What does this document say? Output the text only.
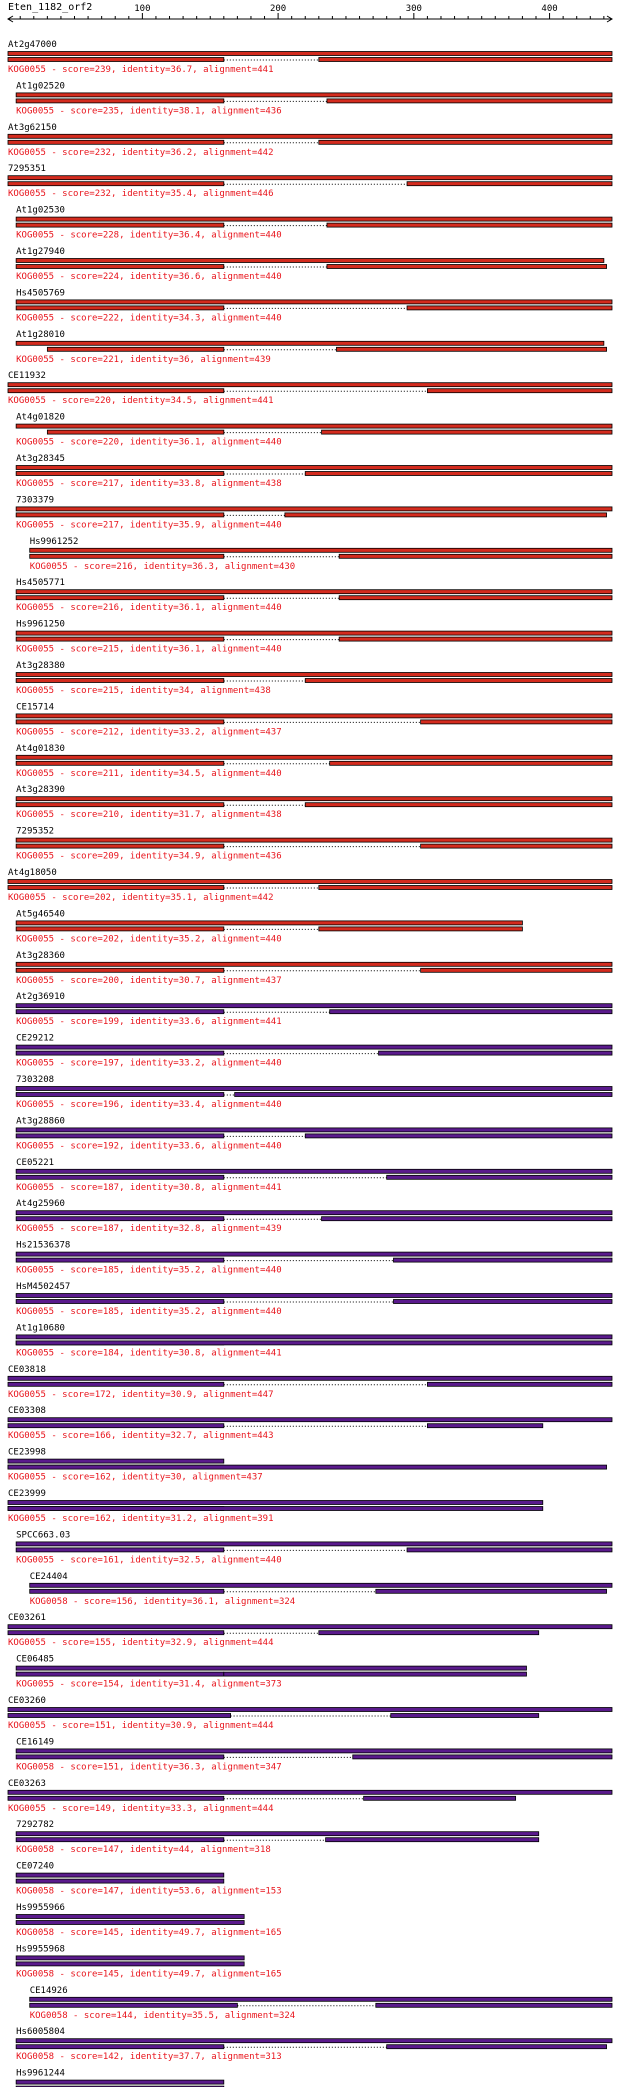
Eten_1182_orf2	100	200	300	400
At2g47000
KOG0055 - score=239, identity=36.7, alignment=441
At1g02520
KOG0055 - score=235, identity=38.1, alignment=436
At3g62150
KOG0055 - score=232, identity=36.2, alignment=442
7295351
KOG0055 - score=232, identity=35.4, alignment=446
At1g02530
KOG0055 - score=228, identity=36.4, alignment=440
At1g27940
KOG0055 - score=224, identity=36.6, alignment=440
Hs4505769
KOG0055 - score=222, identity=34.3, alignment=440
At1g28010
KOG0055 - score=221, identity=36, alignment=439
CE11932
KOG0055 - score=220, identity=34.5, alignment=441
At4g01820
KOG0055 - score=220, identity=36.1, alignment=440
At3g28345
KOG0055 - score=217, identity=33.8, alignment=438
7303379
KOG0055 - score=217, identity=35.9, alignment=440
Hs9961252
KOG0055 - score=216, identity=36.3, alignment=430
Hs4505771
KOG0055 - score=216, identity=36.1, alignment=440
Hs9961250
KOG0055 - score=215, identity=36.1, alignment=440
At3g28380
KOG0055 - score=215, identity=34, alignment=438
CE15714
KOG0055 - score=212, identity=33.2, alignment=437
At4g01830
KOG0055 - score=211, identity=34.5, alignment=440
At3g28390
KOG0055 - score=210, identity=31.7, alignment=438
7295352
KOG0055 - score=209, identity=34.9, alignment=436
At4g18050
KOG0055 - score=202, identity=35.1, alignment=442
At5g46540
KOG0055 - score=202, identity=35.2, alignment=440
At3g28360
KOG0055 - score=200, identity=30.7, alignment=437
At2g36910
KOG0055 - score=199, identity=33.6, alignment=441
CE29212
KOG0055 - score=197, identity=33.2, alignment=440
7303208
KOG0055 - score=196, identity=33.4, alignment=440
At3g28860
KOG0055 - score=192, identity=33.6, alignment=440
CE05221
KOG0055 - score=187, identity=30.8, alignment=441
At4g25960
KOG0055 - score=187, identity=32.8, alignment=439
Hs21536378
KOG0055 - score=185, identity=35.2, alignment=440
HsM4502457
KOG0055 - score=185, identity=35.2, alignment=440
At1g10680
KOG0055 - score=184, identity=30.8, alignment=441
CE03818
KOG0055 - score=172, identity=30.9, alignment=447
CE03308
KOG0055 - score=166, identity=32.7, alignment=443
CE23998
KOG0055 - score=162, identity=30, alignment=437
CE23999
KOG0055 - score=162, identity=31.2, alignment=391
SPCC663.03
KOG0055 - score=161, identity=32.5, alignment=440
CE24404
KOG0058 - score=156, identity=36.1, alignment=324
CE03261
KOG0055 - score=155, identity=32.9, alignment=444
CE06485
KOG0055 - score=154, identity=31.4, alignment=373
CE03260
KOG0055 - score=151, identity=30.9, alignment=444
CE16149
KOG0058 - score=151, identity=36.3, alignment=347
CE03263
KOG0055 - score=149, identity=33.3, alignment=444
7292782
KOG0058 - score=147, identity=44, alignment=318
CE07240
KOG0058 - score=147, identity=53.6, alignment=153
Hs9955966
KOG0058 - score=145, identity=49.7, alignment=165
Hs9955968
KOG0058 - score=145, identity=49.7, alignment=165
CE14926
KOG0058 - score=144, identity=35.5, alignment=324
Hs6005804
KOG0058 - score=142, identity=37.7, alignment=313
Hs9961244
